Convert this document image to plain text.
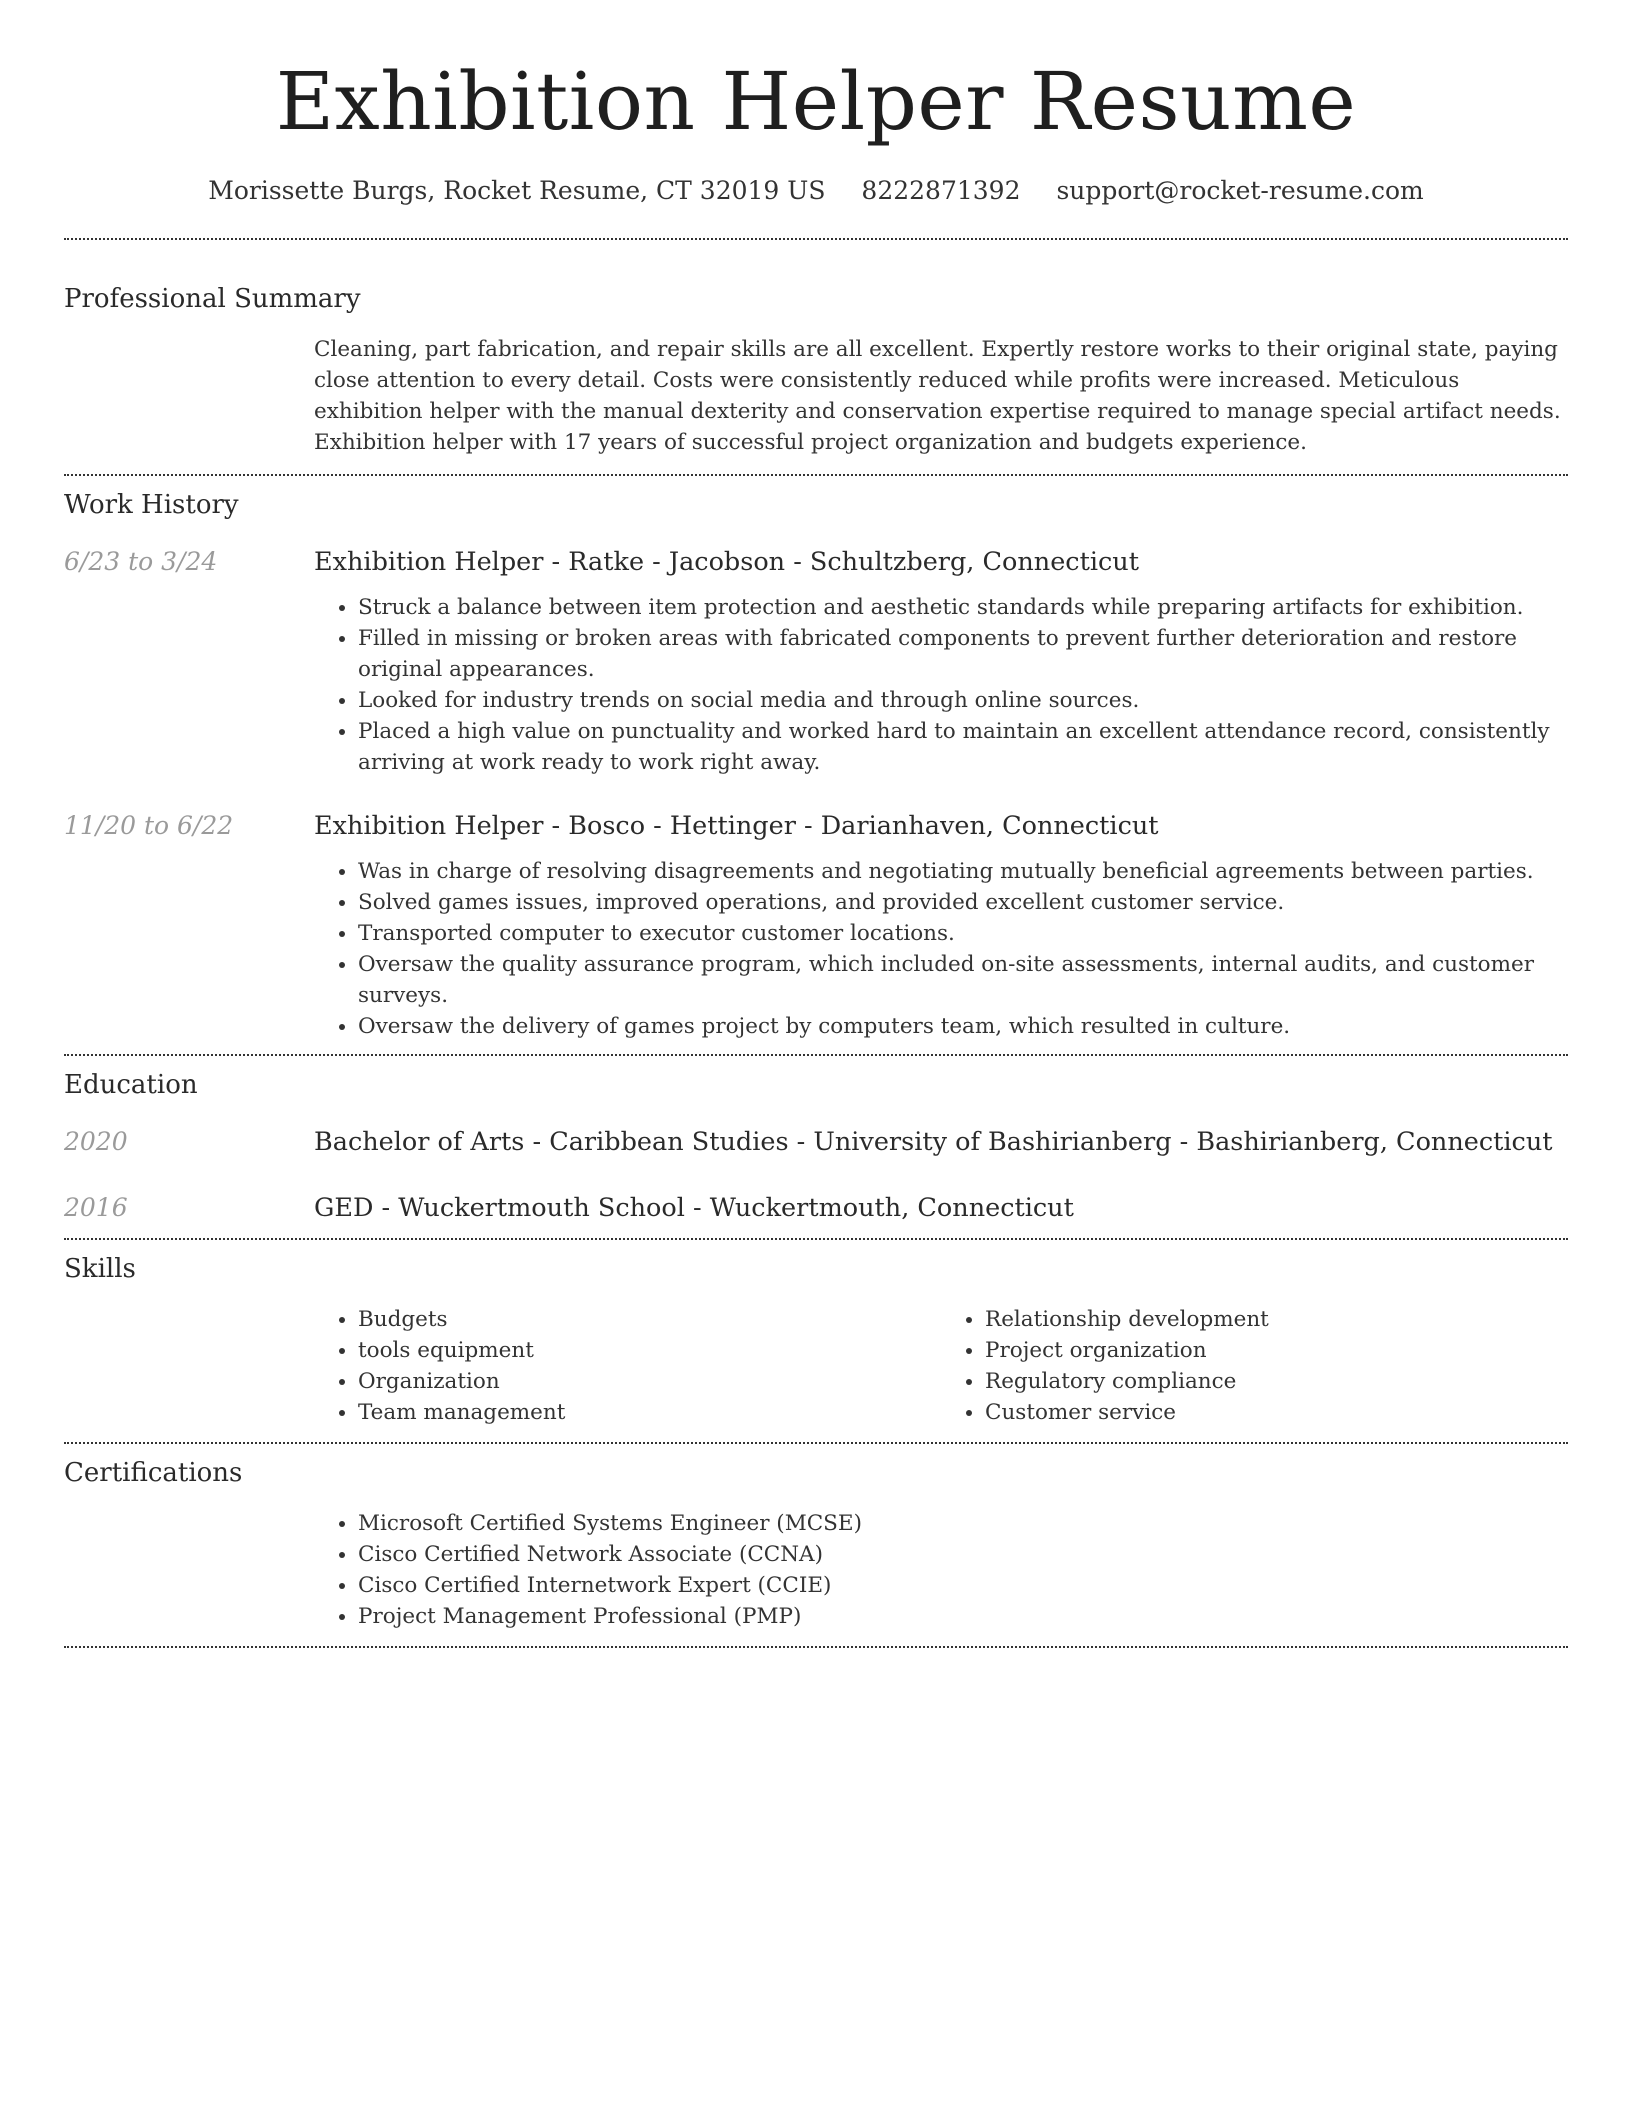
Exhibition Helper Resume
Morissette Burgs, Rocket Resume, CT 32019 US 8222871392 support@rocket-resume.com
Professional Summary

Cleaning, part fabrication, and repair skills are all excellent. Expertly restore works to their original state, paying close attention to every detail. Costs were consistently reduced while profits were increased. Meticulous exhibition helper with the manual dexterity and conservation expertise required to manage special artifact needs. Exhibition helper with 17 years of successful project organization and budgets experience.

Work History
6/23 to 3/24	Exhibition Helper - Ratke - Jacobson - Schultzberg, Connecticut
• Struck a balance between item protection and aesthetic standards while preparing artifacts for exhibition.
• Filled in missing or broken areas with fabricated components to prevent further deterioration and restore original appearances.
• Looked for industry trends on social media and through online sources.
• Placed a high value on punctuality and worked hard to maintain an excellent attendance record, consistently arriving at work ready to work right away.
11/20 to 6/22	Exhibition Helper - Bosco - Hettinger - Darianhaven, Connecticut
• Was in charge of resolving disagreements and negotiating mutually beneficial agreements between parties.
• Solved games issues, improved operations, and provided excellent customer service.
• Transported computer to executor customer locations.
• Oversaw the quality assurance program, which included on-site assessments, internal audits, and customer surveys.
• Oversaw the delivery of games project by computers team, which resulted in culture.
Education
2020	Bachelor of Arts - Caribbean Studies - University of Bashirianberg - Bashirianberg, Connecticut
2016	GED - Wuckertmouth School - Wuckertmouth, Connecticut
Skills
• Budgets
• tools equipment
• Organization
• Team management
• Relationship development
• Project organization
• Regulatory compliance
• Customer service
Certifications
• Microsoft Certified Systems Engineer (MCSE)
• Cisco Certified Network Associate (CCNA)
• Cisco Certified Internetwork Expert (CCIE)
• Project Management Professional (PMP)
